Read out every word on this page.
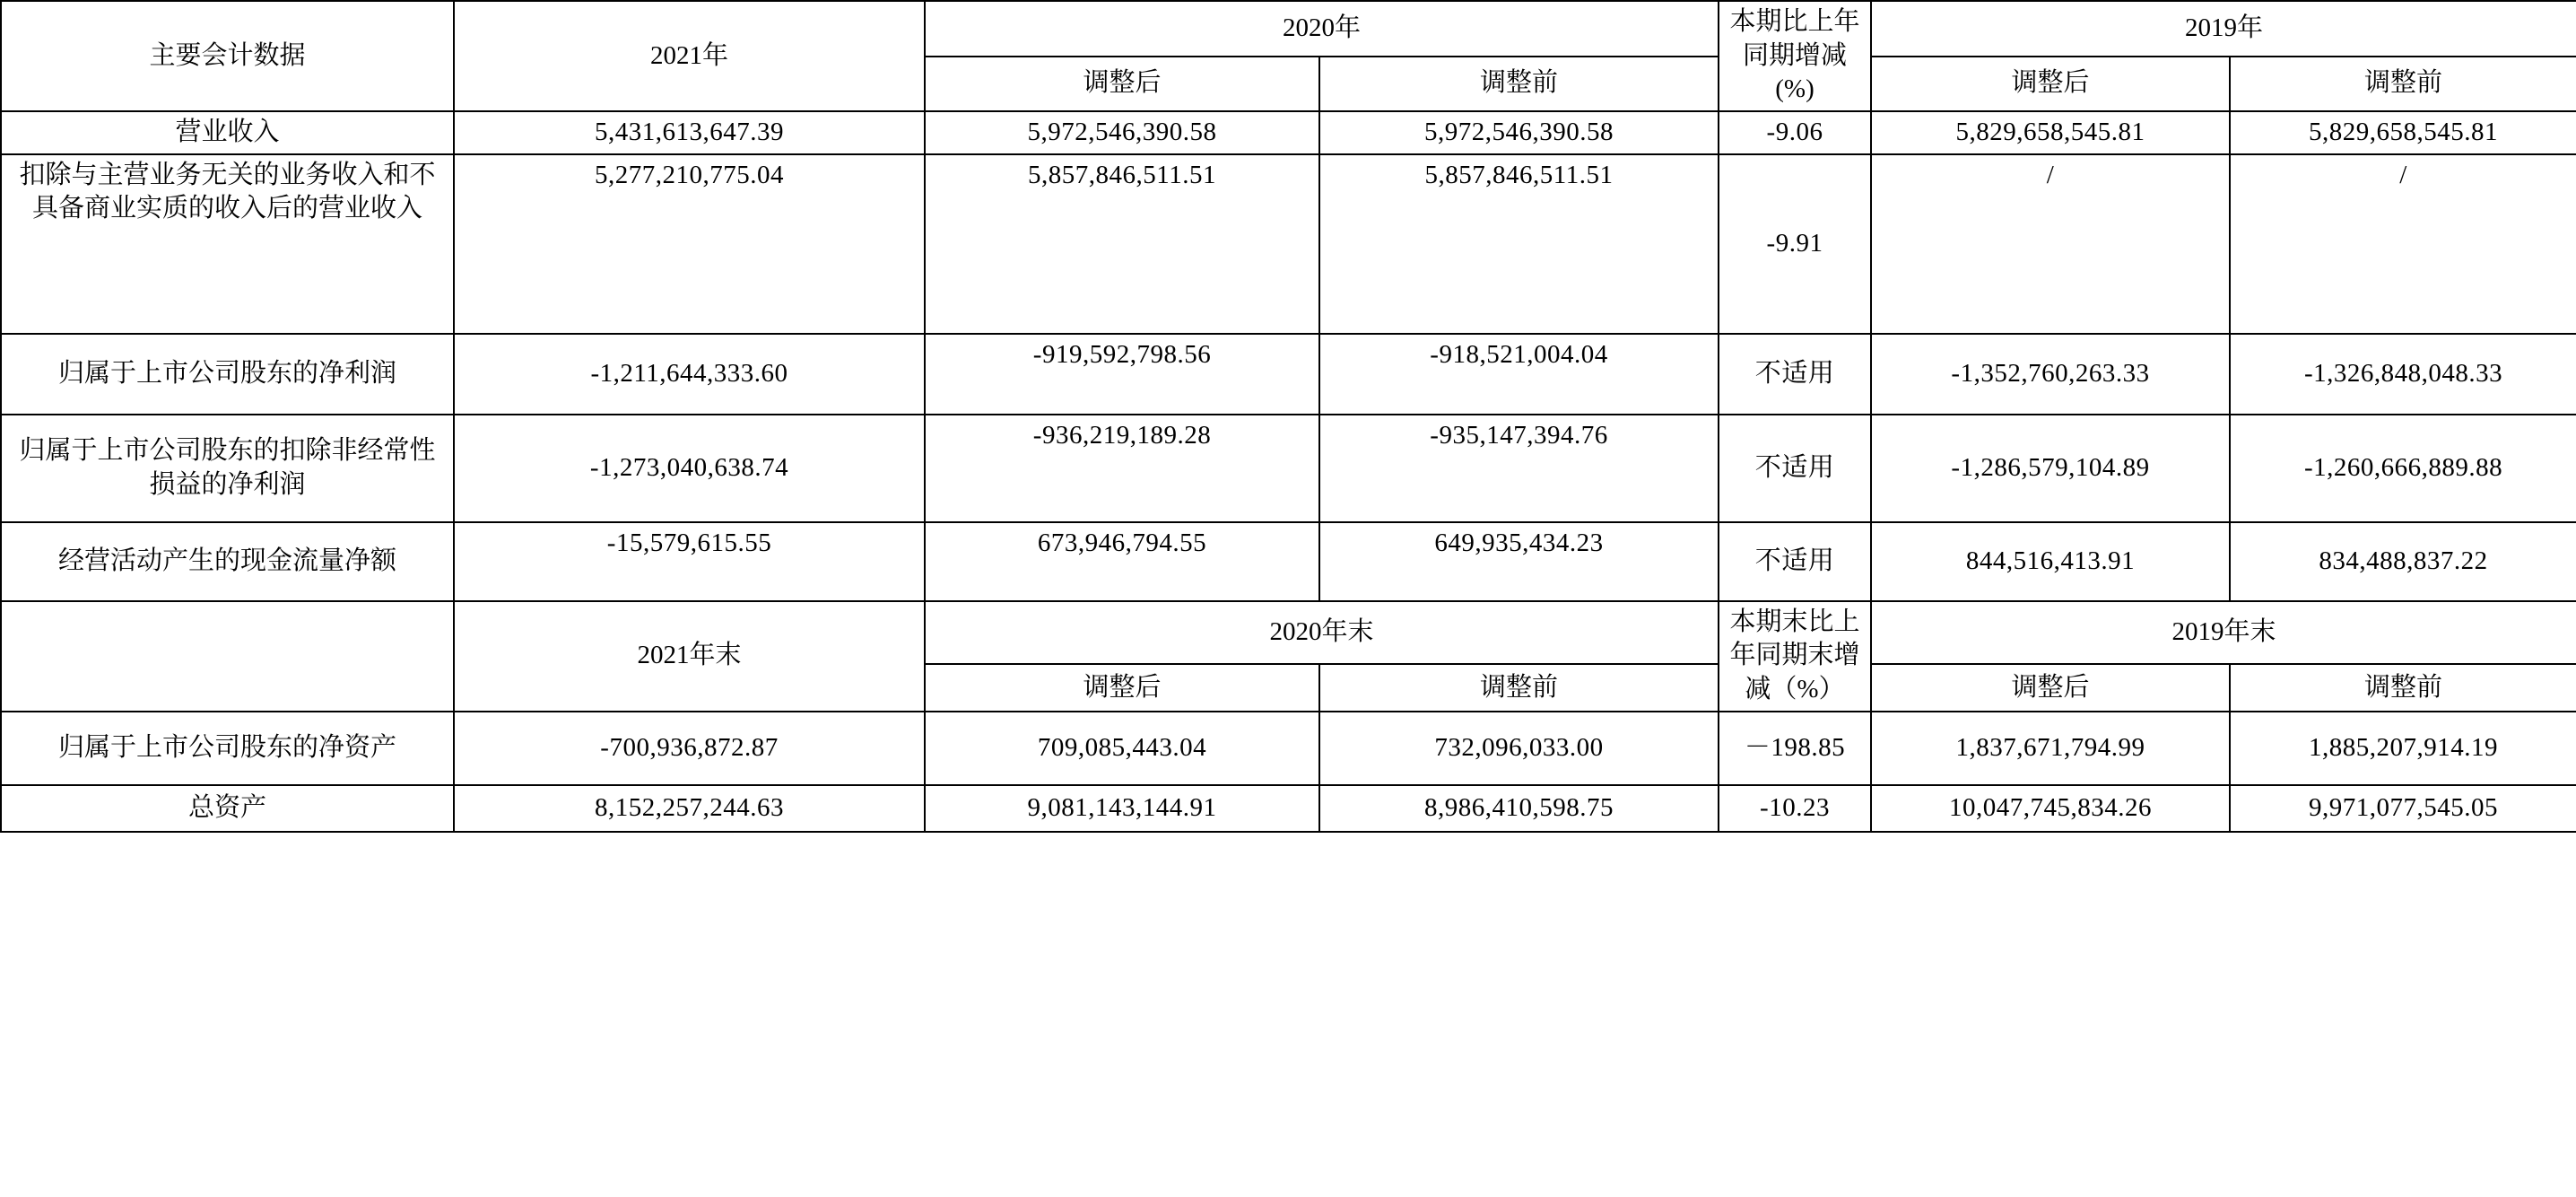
主要会计数据	2021年	2020年		本期比上年同期增减(%)	2019年	
		调整后	调整前		调整后	调整前
营业收入	5,431,613,647.39	5,972,546,390.58	5,972,546,390.58	-9.06	5,829,658,545.81	5,829,658,545.81
扣除与主营业务无关的业务收入和不具备商业实质的收入后的营业收入	5,277,210,775.04	5,857,846,511.51	5,857,846,511.51	-9.91	/	/
归属于上市公司股东的净利润	-1,211,644,333.60	-919,592,798.56	-918,521,004.04	不适用	-1,352,760,263.33	-1,326,848,048.33
归属于上市公司股东的扣除非经常性损益的净利润	-1,273,040,638.74	-936,219,189.28	-935,147,394.76	不适用	-1,286,579,104.89	-1,260,666,889.88
经营活动产生的现金流量净额	-15,579,615.55	673,946,794.55	649,935,434.23	不适用	844,516,413.91	834,488,837.22
	2021年末	2020年末		本期末比上年同期末增减（%）	2019年末	
		调整后	调整前		调整后	调整前
归属于上市公司股东的净资产	-700,936,872.87	709,085,443.04	732,096,033.00	－198.85	1,837,671,794.99	1,885,207,914.19
总资产	8,152,257,244.63	9,081,143,144.91	8,986,410,598.75	-10.23	10,047,745,834.26	9,971,077,545.05
